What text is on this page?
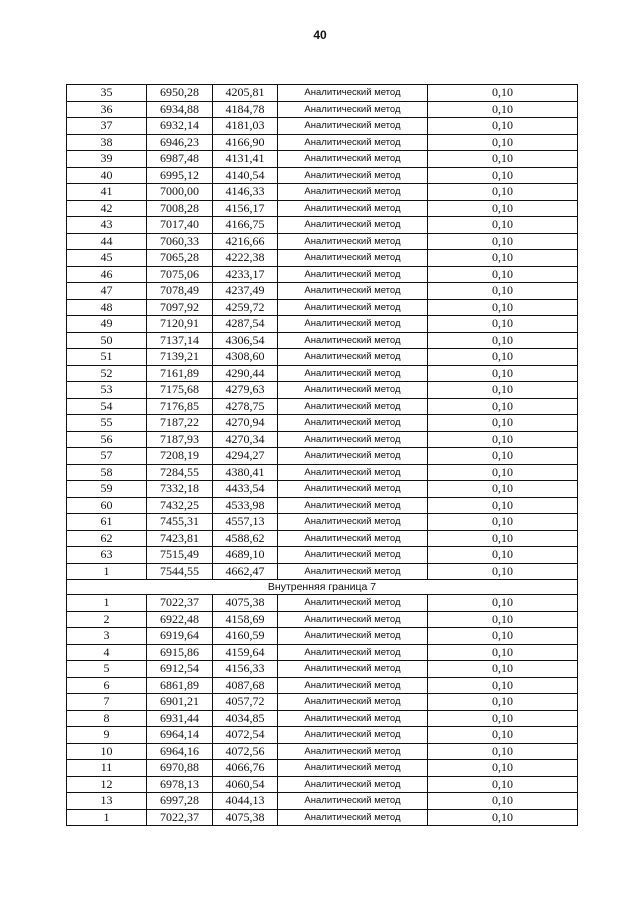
40
35	6950,28	4205,81	Аналитический метод	0,10
36	6934,88	4184,78	Аналитический метод	0,10
37	6932,14	4181,03	Аналитический метод	0,10
38	6946,23	4166,90	Аналитический метод	0,10
39	6987,48	4131,41	Аналитический метод	0,10
40	6995,12	4140,54	Аналитический метод	0,10
41	7000,00	4146,33	Аналитический метод	0,10
42	7008,28	4156,17	Аналитический метод	0,10
43	7017,40	4166,75	Аналитический метод	0,10
44	7060,33	4216,66	Аналитический метод	0,10
45	7065,28	4222,38	Аналитический метод	0,10
46	7075,06	4233,17	Аналитический метод	0,10
47	7078,49	4237,49	Аналитический метод	0,10
48	7097,92	4259,72	Аналитический метод	0,10
49	7120,91	4287,54	Аналитический метод	0,10
50	7137,14	4306,54	Аналитический метод	0,10
51	7139,21	4308,60	Аналитический метод	0,10
52	7161,89	4290,44	Аналитический метод	0,10
53	7175,68	4279,63	Аналитический метод	0,10
54	7176,85	4278,75	Аналитический метод	0,10
55	7187,22	4270,94	Аналитический метод	0,10
56	7187,93	4270,34	Аналитический метод	0,10
57	7208,19	4294,27	Аналитический метод	0,10
58	7284,55	4380,41	Аналитический метод	0,10
59	7332,18	4433,54	Аналитический метод	0,10
60	7432,25	4533,98	Аналитический метод	0,10
61	7455,31	4557,13	Аналитический метод	0,10
62	7423,81	4588,62	Аналитический метод	0,10
63	7515,49	4689,10	Аналитический метод	0,10
1	7544,55	4662,47	Аналитический метод	0,10
Внутренняя граница 7				
1	7022,37	4075,38	Аналитический метод	0,10
2	6922,48	4158,69	Аналитический метод	0,10
3	6919,64	4160,59	Аналитический метод	0,10
4	6915,86	4159,64	Аналитический метод	0,10
5	6912,54	4156,33	Аналитический метод	0,10
6	6861,89	4087,68	Аналитический метод	0,10
7	6901,21	4057,72	Аналитический метод	0,10
8	6931,44	4034,85	Аналитический метод	0,10
9	6964,14	4072,54	Аналитический метод	0,10
10	6964,16	4072,56	Аналитический метод	0,10
11	6970,88	4066,76	Аналитический метод	0,10
12	6978,13	4060,54	Аналитический метод	0,10
13	6997,28	4044,13	Аналитический метод	0,10
1	7022,37	4075,38	Аналитический метод	0,10
